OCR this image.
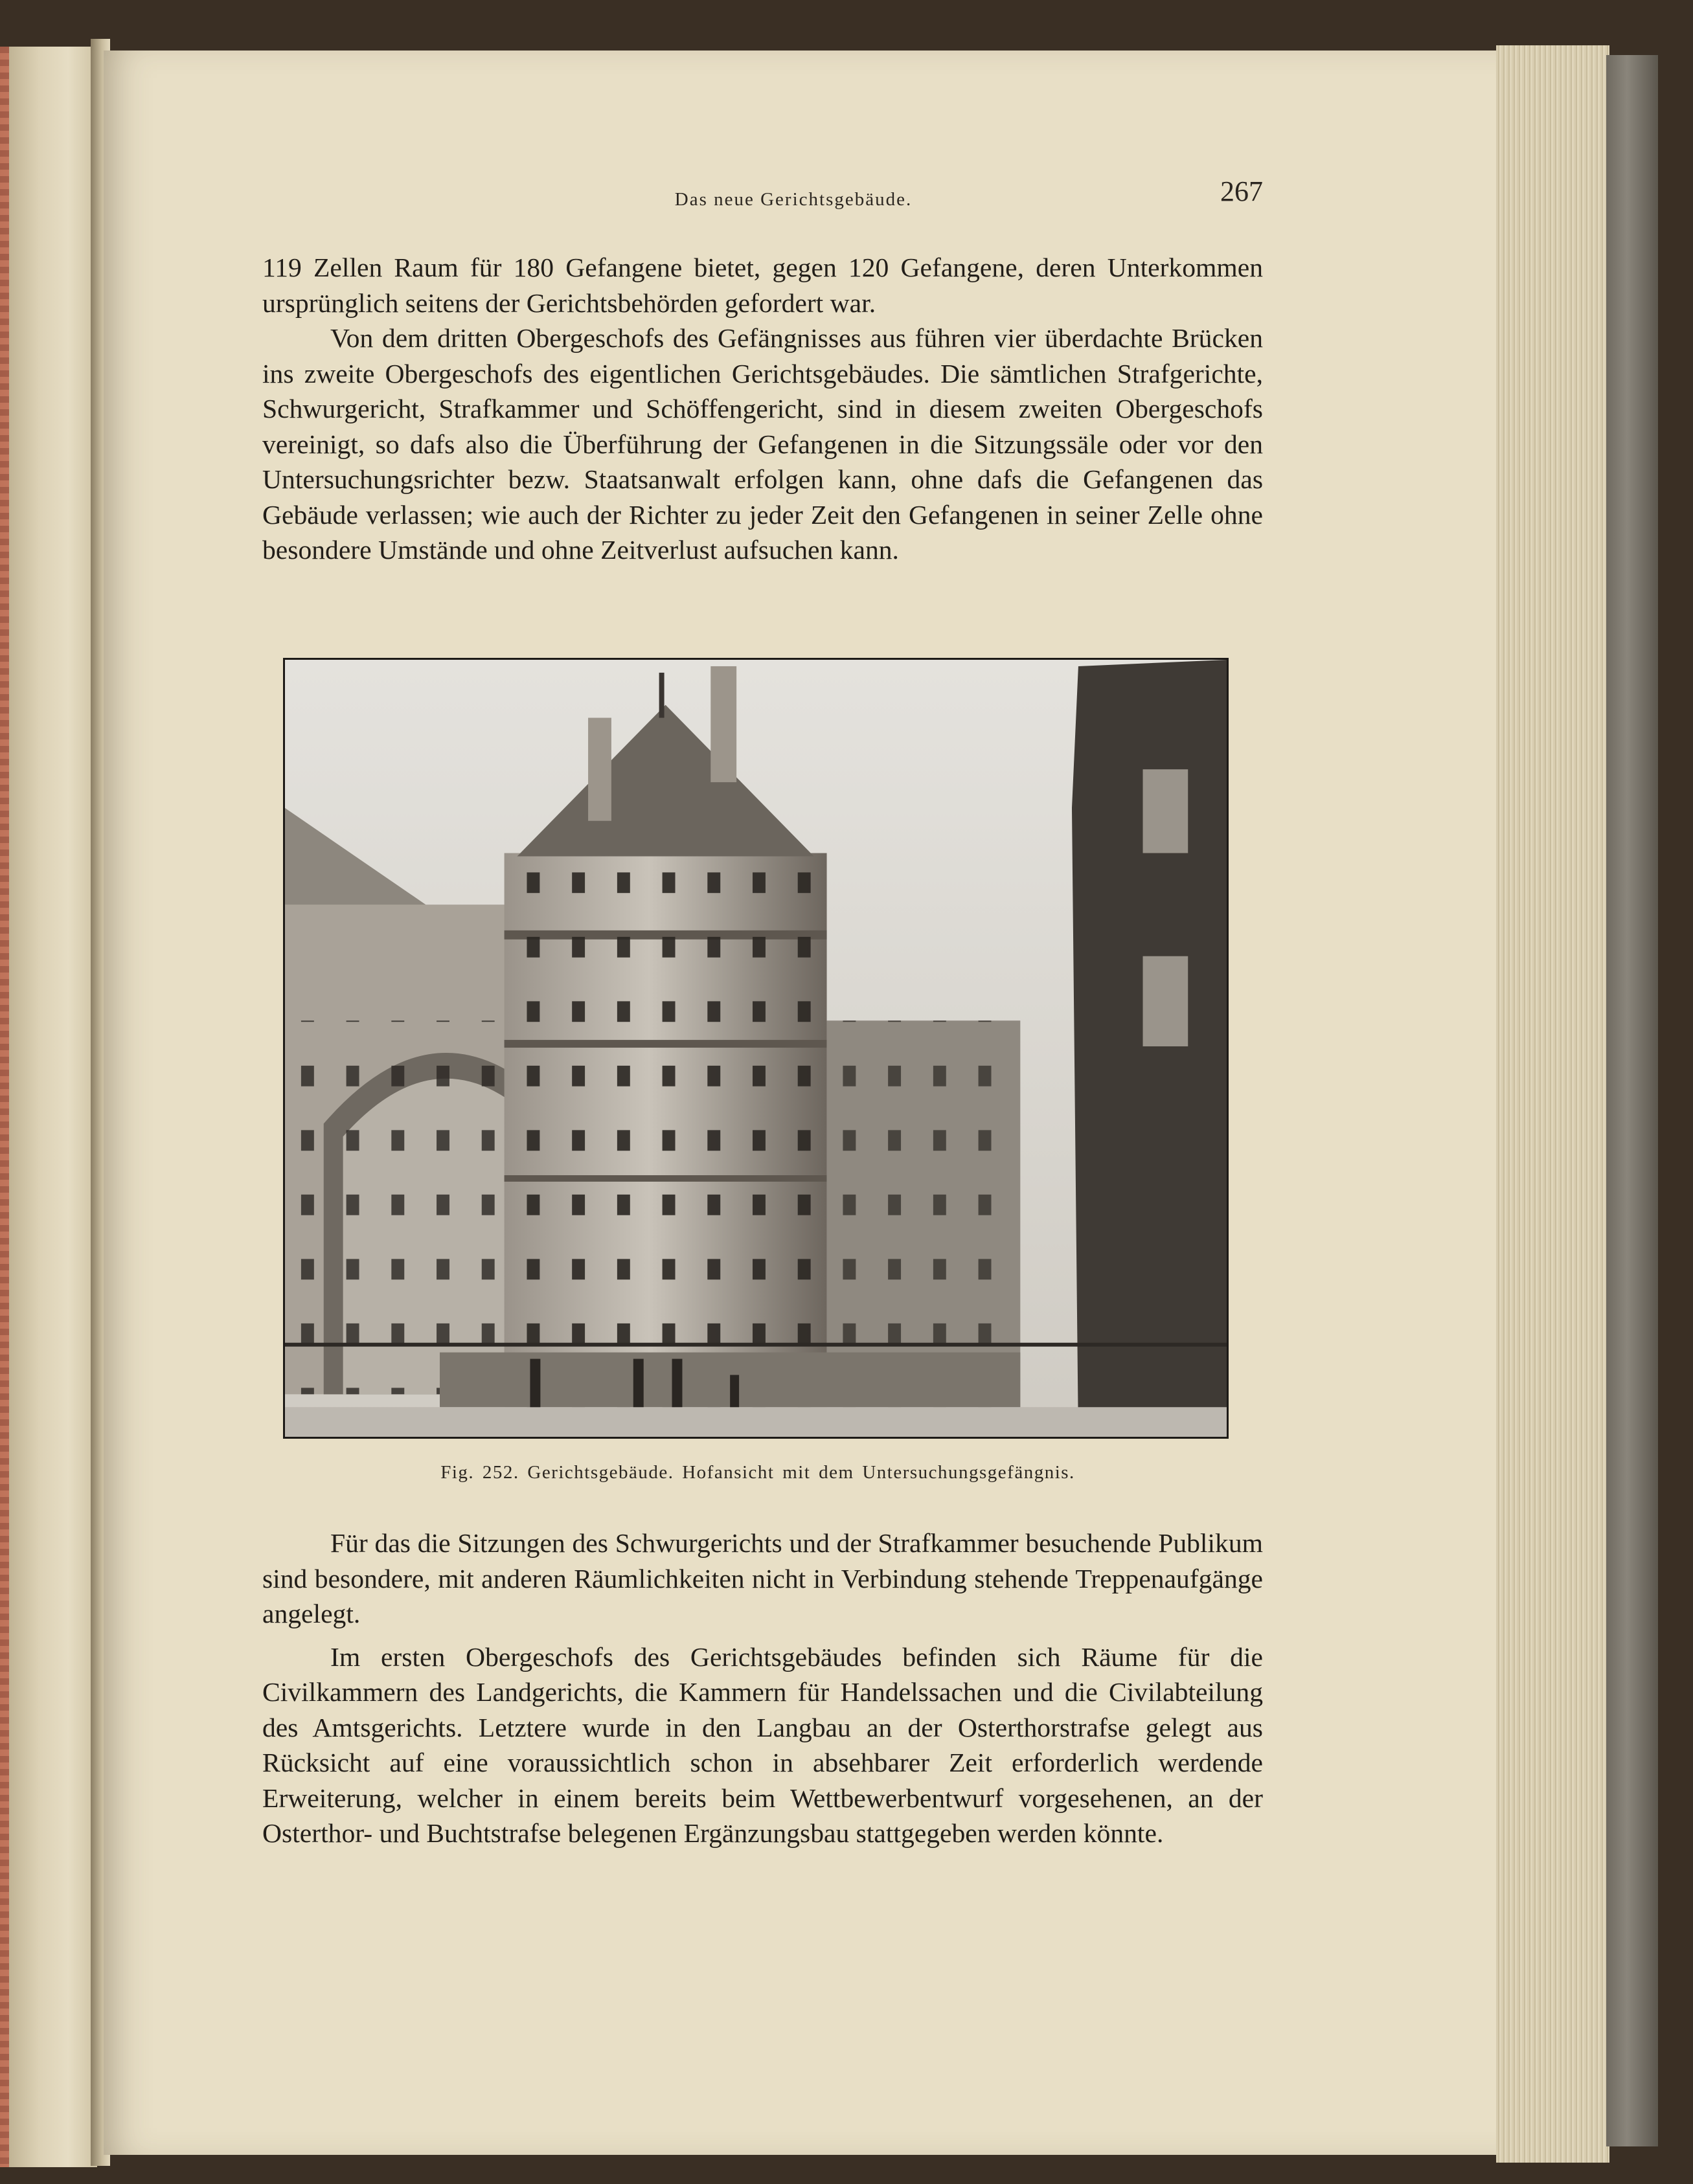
Das neue Gerichtsgebäude.	267

119 Zellen Raum für 180 Gefangene bietet, gegen 120 Gefangene, deren Unterkommen ursprünglich seitens der Gerichtsbehörden gefordert war.

Von dem dritten Obergeschofs des Gefängnisses aus führen vier überdachte Brücken ins zweite Obergeschofs des eigentlichen Gerichtsgebäudes. Die sämtlichen Strafgerichte, Schwurgericht, Strafkammer und Schöffengericht, sind in diesem zweiten Obergeschofs vereinigt, so dafs also die Überführung der Gefangenen in die Sitzungssäle oder vor den Untersuchungsrichter bezw. Staatsanwalt erfolgen kann, ohne dafs die Gefangenen das Gebäude verlassen; wie auch der Richter zu jeder Zeit den Gefangenen in seiner Zelle ohne besondere Umstände und ohne Zeitverlust aufsuchen kann.

Fig. 252. Gerichtsgebäude. Hofansicht mit dem Untersuchungsgefängnis.

Für das die Sitzungen des Schwurgerichts und der Strafkammer besuchende Publikum sind besondere, mit anderen Räumlichkeiten nicht in Verbindung stehende Treppenaufgänge angelegt.

Im ersten Obergeschofs des Gerichtsgebäudes befinden sich Räume für die Civilkammern des Landgerichts, die Kammern für Handelssachen und die Civilabteilung des Amtsgerichts. Letztere wurde in den Langbau an der Osterthorstrafse gelegt aus Rücksicht auf eine voraussichtlich schon in absehbarer Zeit erforderlich werdende Erweiterung, welcher in einem bereits beim Wettbewerbentwurf vorgesehenen, an der Osterthor- und Buchtstrafse belegenen Ergänzungsbau stattgegeben werden könnte.
